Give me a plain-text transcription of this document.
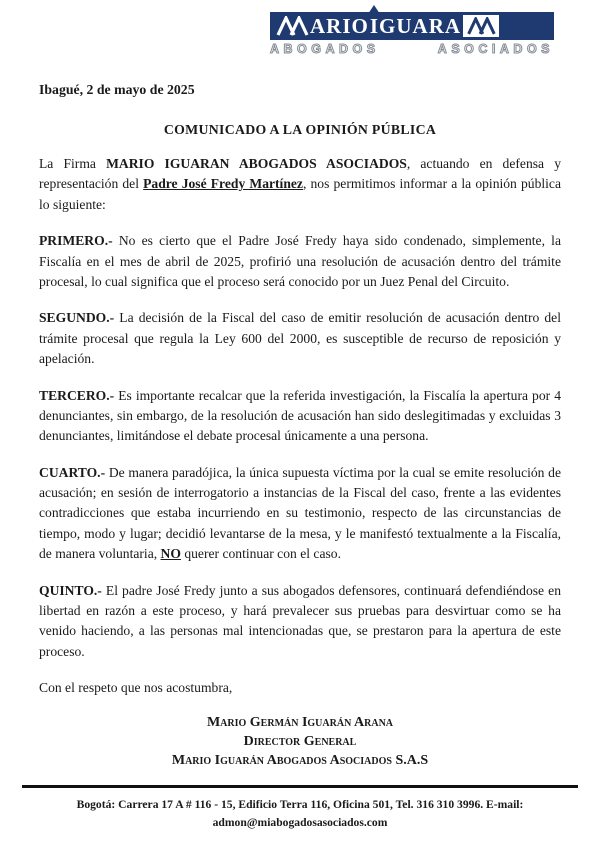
ARIO I GUARA
ABOGADOS	ASOCIADOS
Ibagué, 2 de mayo de 2025
COMUNICADO A LA OPINIÓN PÚBLICA

La Firma MARIO IGUARAN ABOGADOS ASOCIADOS, actuando en defensa y representación del Padre José Fredy Martínez, nos permitimos informar a la opinión pública lo siguiente:

PRIMERO.- No es cierto que el Padre José Fredy haya sido condenado, simplemente, la Fiscalía en el mes de abril de 2025, profirió una resolución de acusación dentro del trámite procesal, lo cual significa que el proceso será conocido por un Juez Penal del Circuito.

SEGUNDO.- La decisión de la Fiscal del caso de emitir resolución de acusación dentro del trámite procesal que regula la Ley 600 del 2000, es susceptible de recurso de reposición y apelación.

TERCERO.- Es importante recalcar que la referida investigación, la Fiscalía la apertura por 4 denunciantes, sin embargo, de la resolución de acusación han sido deslegitimadas y excluidas 3 denunciantes, limitándose el debate procesal únicamente a una persona.

CUARTO.- De manera paradójica, la única supuesta víctima por la cual se emite resolución de acusación; en sesión de interrogatorio a instancias de la Fiscal del caso, frente a las evidentes contradicciones que estaba incurriendo en su testimonio, respecto de las circunstancias de tiempo, modo y lugar; decidió levantarse de la mesa, y le manifestó textualmente a la Fiscalía, de manera voluntaria, NO querer continuar con el caso.

QUINTO.- El padre José Fredy junto a sus abogados defensores, continuará defendiéndose en libertad en razón a este proceso, y hará prevalecer sus pruebas para desvirtuar como se ha venido haciendo, a las personas mal intencionadas que, se prestaron para la apertura de este proceso.

Con el respeto que nos acostumbra,

Mario Germán Iguarán Arana
Director General
Mario Iguarán Abogados Asociados S.A.S
Bogotá: Carrera 17 A # 116 - 15, Edificio Terra 116, Oficina 501, Tel. 316 310 3996. E-mail:
admon@miabogadosasociados.com
